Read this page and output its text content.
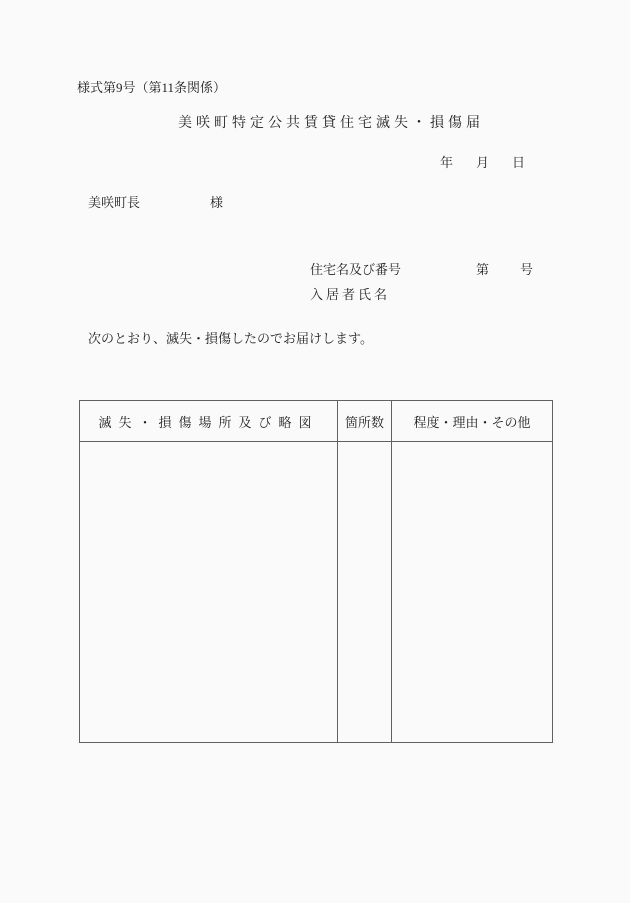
様式第9号（第11条関係）
美咲町特定公共賃貸住宅滅失・損傷届
年 月 日
美咲町長	様
住宅名及び番号	第 号
入居者氏名
次のとおり、滅失・損傷したのでお届けします。
滅失・損傷場所及び略図	箇所数	程度・理由・その他
